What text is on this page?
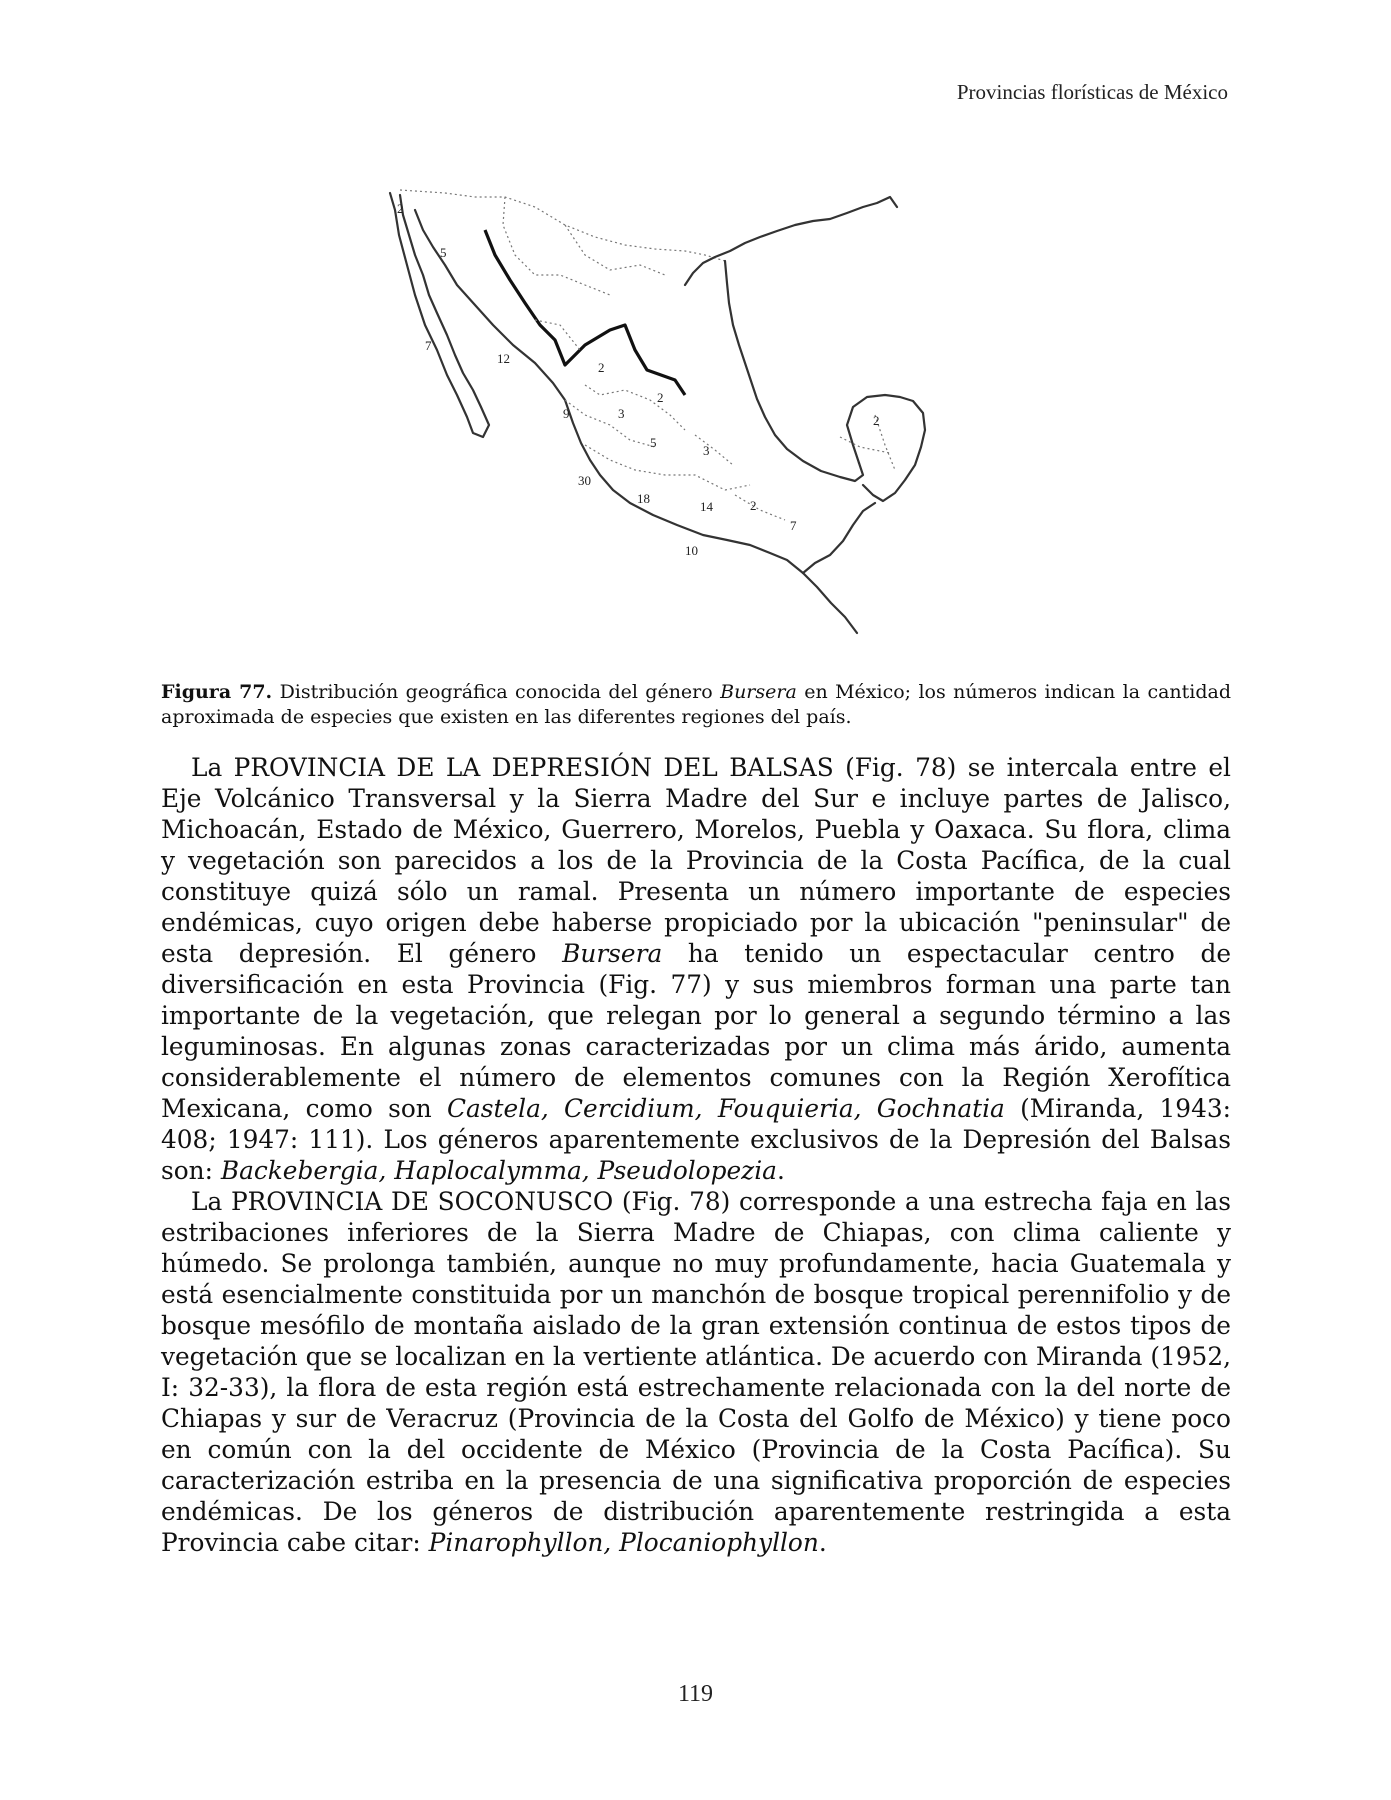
Provincias florísticas de México
2
5
7
12
2
2
9	3
5
3
30
18
14	2
7
10
2
Figura 77. Distribución geográfica conocida del género Bursera en México; los números indican la cantidad aproximada de especies que existen en las diferentes regiones del país.

La PROVINCIA DE LA DEPRESIÓN DEL BALSAS (Fig. 78) se intercala entre el Eje Volcánico Transversal y la Sierra Madre del Sur e incluye partes de Jalisco, Michoacán, Estado de México, Guerrero, Morelos, Puebla y Oaxaca. Su flora, clima y vegetación son parecidos a los de la Provincia de la Costa Pacífica, de la cual constituye quizá sólo un ramal. Presenta un número importante de especies endémicas, cuyo origen debe haberse propiciado por la ubicación "peninsular" de esta depresión. El género Bursera ha tenido un espectacular centro de diversificación en esta Provincia (Fig. 77) y sus miembros forman una parte tan importante de la vegetación, que relegan por lo general a segundo término a las leguminosas. En algunas zonas caracterizadas por un clima más árido, aumenta considerablemente el número de elementos comunes con la Región Xerofítica Mexicana, como son Castela, Cercidium, Fouquieria, Gochnatia (Miranda, 1943: 408; 1947: 111). Los géneros aparentemente exclusivos de la Depresión del Balsas son: Backebergia, Haplocalymma, Pseudolopezia.

La PROVINCIA DE SOCONUSCO (Fig. 78) corresponde a una estrecha faja en las estribaciones inferiores de la Sierra Madre de Chiapas, con clima caliente y húmedo. Se prolonga también, aunque no muy profundamente, hacia Guatemala y está esencialmente constituida por un manchón de bosque tropical perennifolio y de bosque mesófilo de montaña aislado de la gran extensión continua de estos tipos de vegetación que se localizan en la vertiente atlántica. De acuerdo con Miranda (1952, I: 32-33), la flora de esta región está estrechamente relacionada con la del norte de Chiapas y sur de Veracruz (Provincia de la Costa del Golfo de México) y tiene poco en común con la del occidente de México (Provincia de la Costa Pacífica). Su caracterización estriba en la presencia de una significativa proporción de especies endémicas. De los géneros de distribución aparentemente restringida a esta Provincia cabe citar: Pinarophyllon, Plocaniophyllon.

119
